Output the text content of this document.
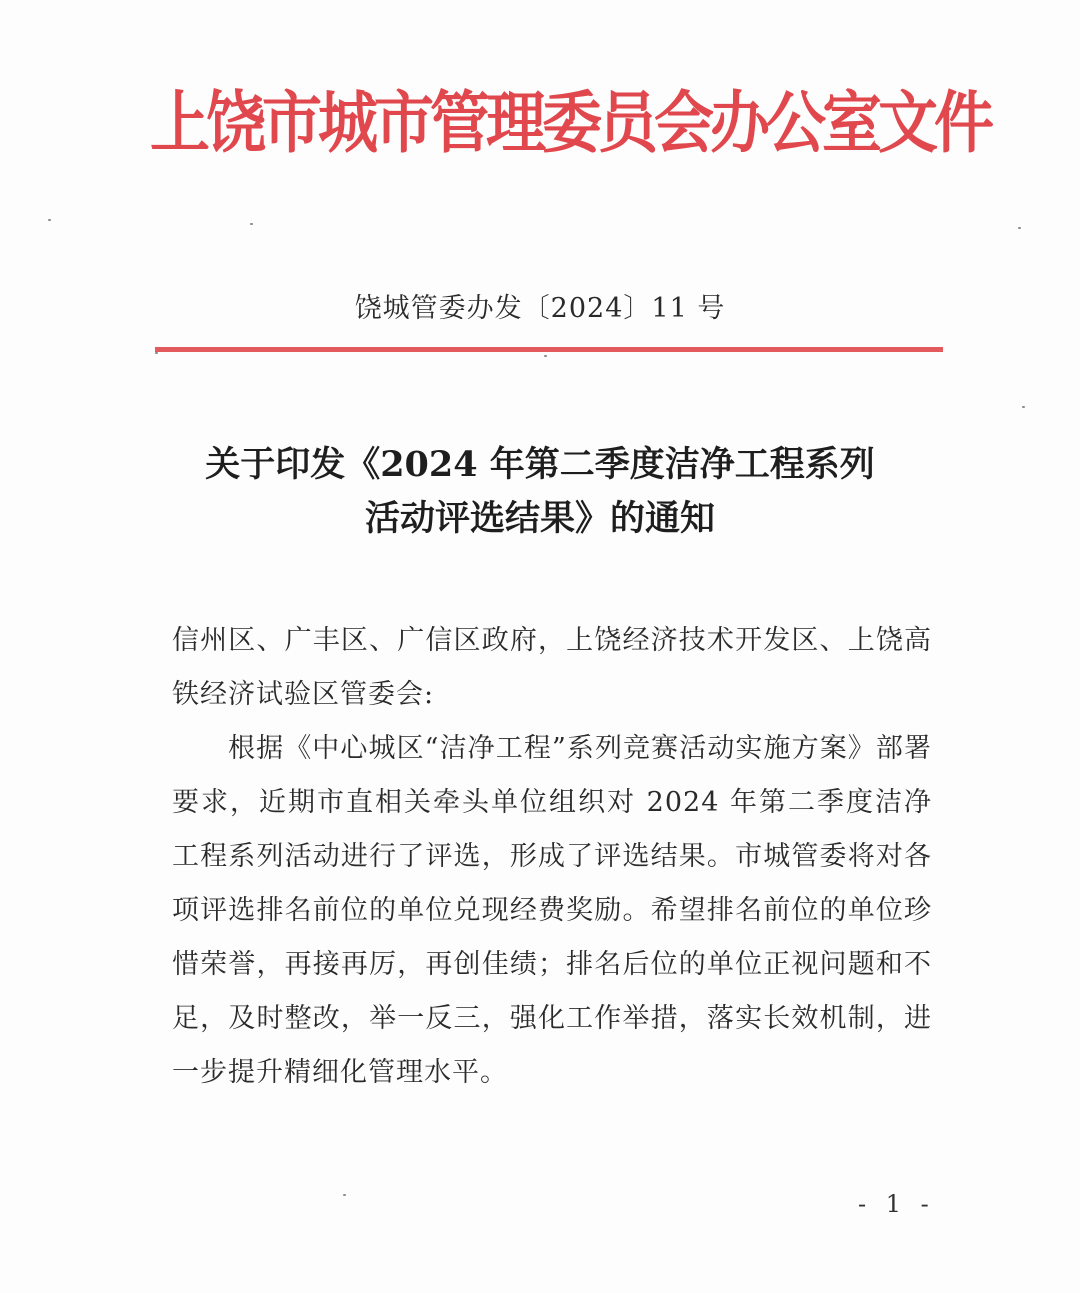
上饶市城市管理委员会办公室文件
饶城管委办发〔2024〕11 号
关于印发《2024 年第二季度洁净工程系列
活动评选结果》的通知

信州区、广丰区、广信区政府，上饶经济技术开发区、上饶高铁经济试验区管委会:

根据《中心城区“洁净工程”系列竞赛活动实施方案》部署要求，近期市直相关牵头单位组织对 2024 年第二季度洁净工程系列活动进行了评选，形成了评选结果。市城管委将对各项评选排名前位的单位兑现经费奖励。希望排名前位的单位珍惜荣誉，再接再厉，再创佳绩；排名后位的单位正视问题和不足，及时整改，举一反三，强化工作举措，落实长效机制，进一步提升精细化管理水平。

- 1 -
